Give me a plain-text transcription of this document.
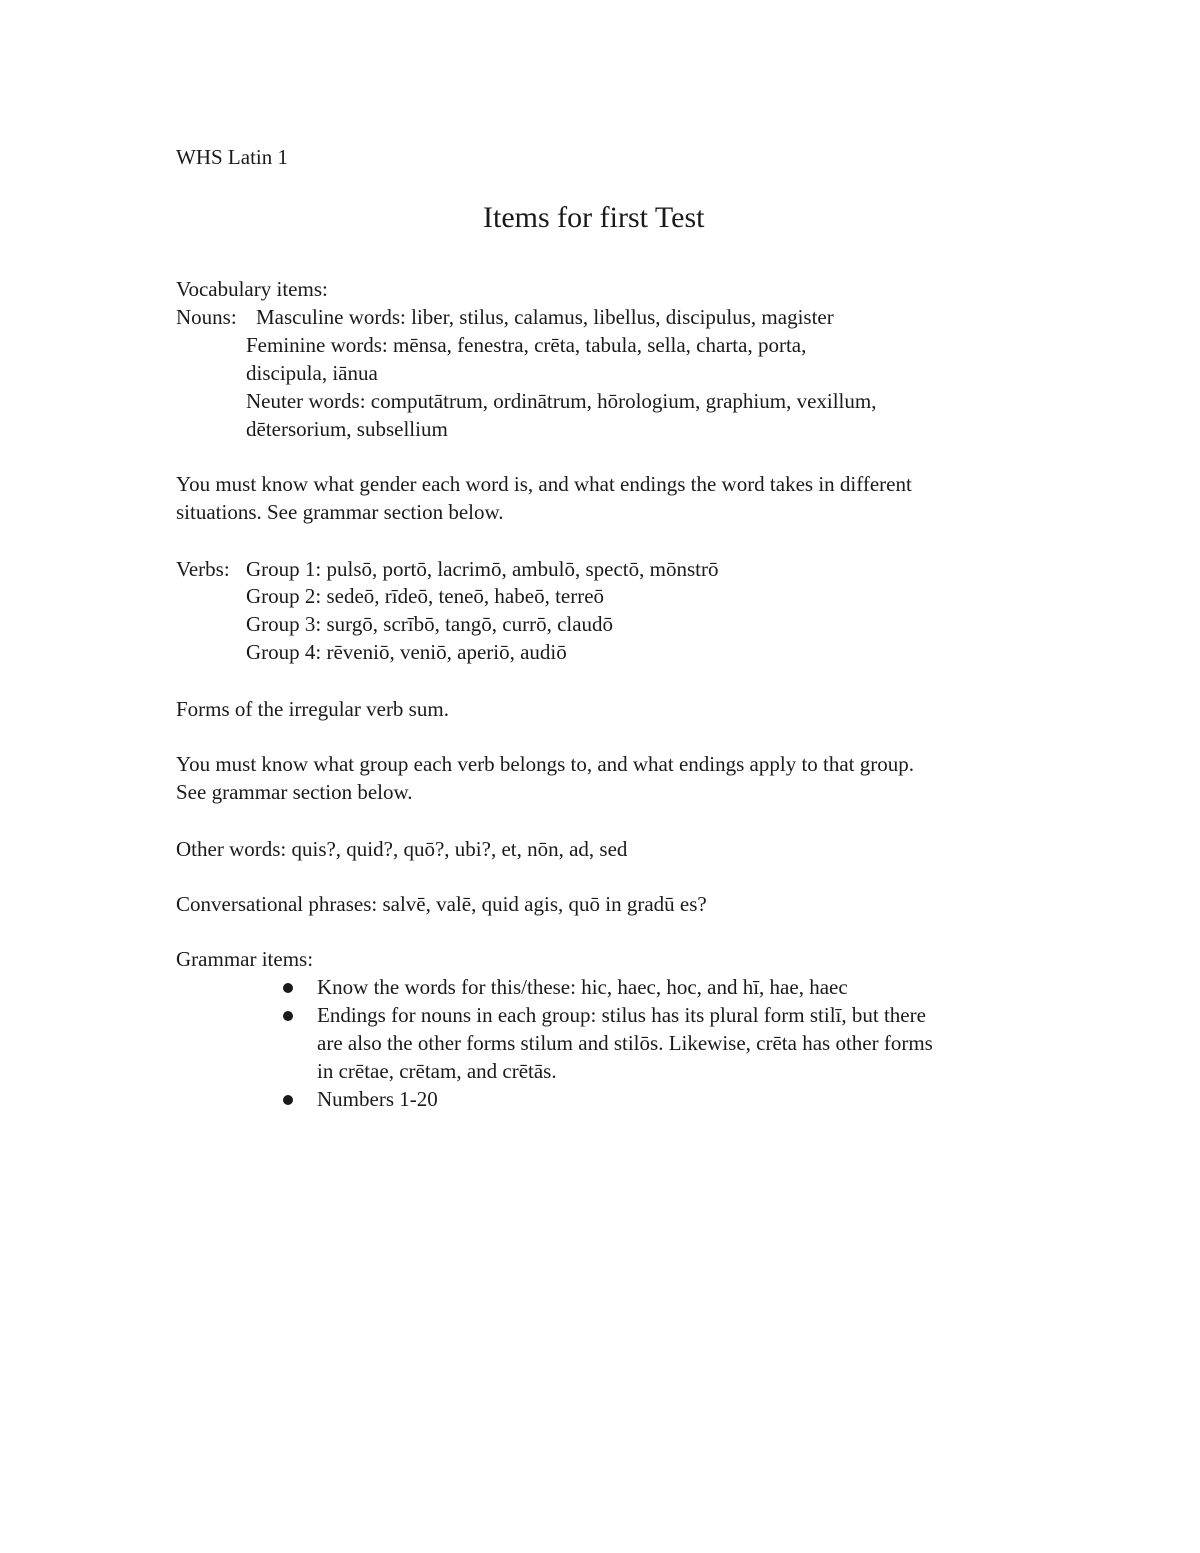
WHS Latin 1
Items for first Test
Vocabulary items:
Nouns: Masculine words: liber, stilus, calamus, libellus, discipulus, magister
Feminine words: mēnsa, fenestra, crēta, tabula, sella, charta, porta,
discipula, iānua
Neuter words: computātrum, ordinātrum, hōrologium, graphium, vexillum,
dētersorium, subsellium
You must know what gender each word is, and what endings the word takes in different
situations. See grammar section below.
Verbs: Group 1: pulsō, portō, lacrimō, ambulō, spectō, mōnstrō
Group 2: sedeō, rīdeō, teneō, habeō, terreō
Group 3: surgō, scrībō, tangō, currō, claudō
Group 4: rēveniō, veniō, aperiō, audiō
Forms of the irregular verb sum.
You must know what group each verb belongs to, and what endings apply to that group.
See grammar section below.
Other words: quis?, quid?, quō?, ubi?, et, nōn, ad, sed
Conversational phrases: salvē, valē, quid agis, quō in gradū es?
Grammar items:
Know the words for this/these: hic, haec, hoc, and hī, hae, haec
Endings for nouns in each group: stilus has its plural form stilī, but there
are also the other forms stilum and stilōs. Likewise, crēta has other forms
in crētae, crētam, and crētās.
Numbers 1-20
